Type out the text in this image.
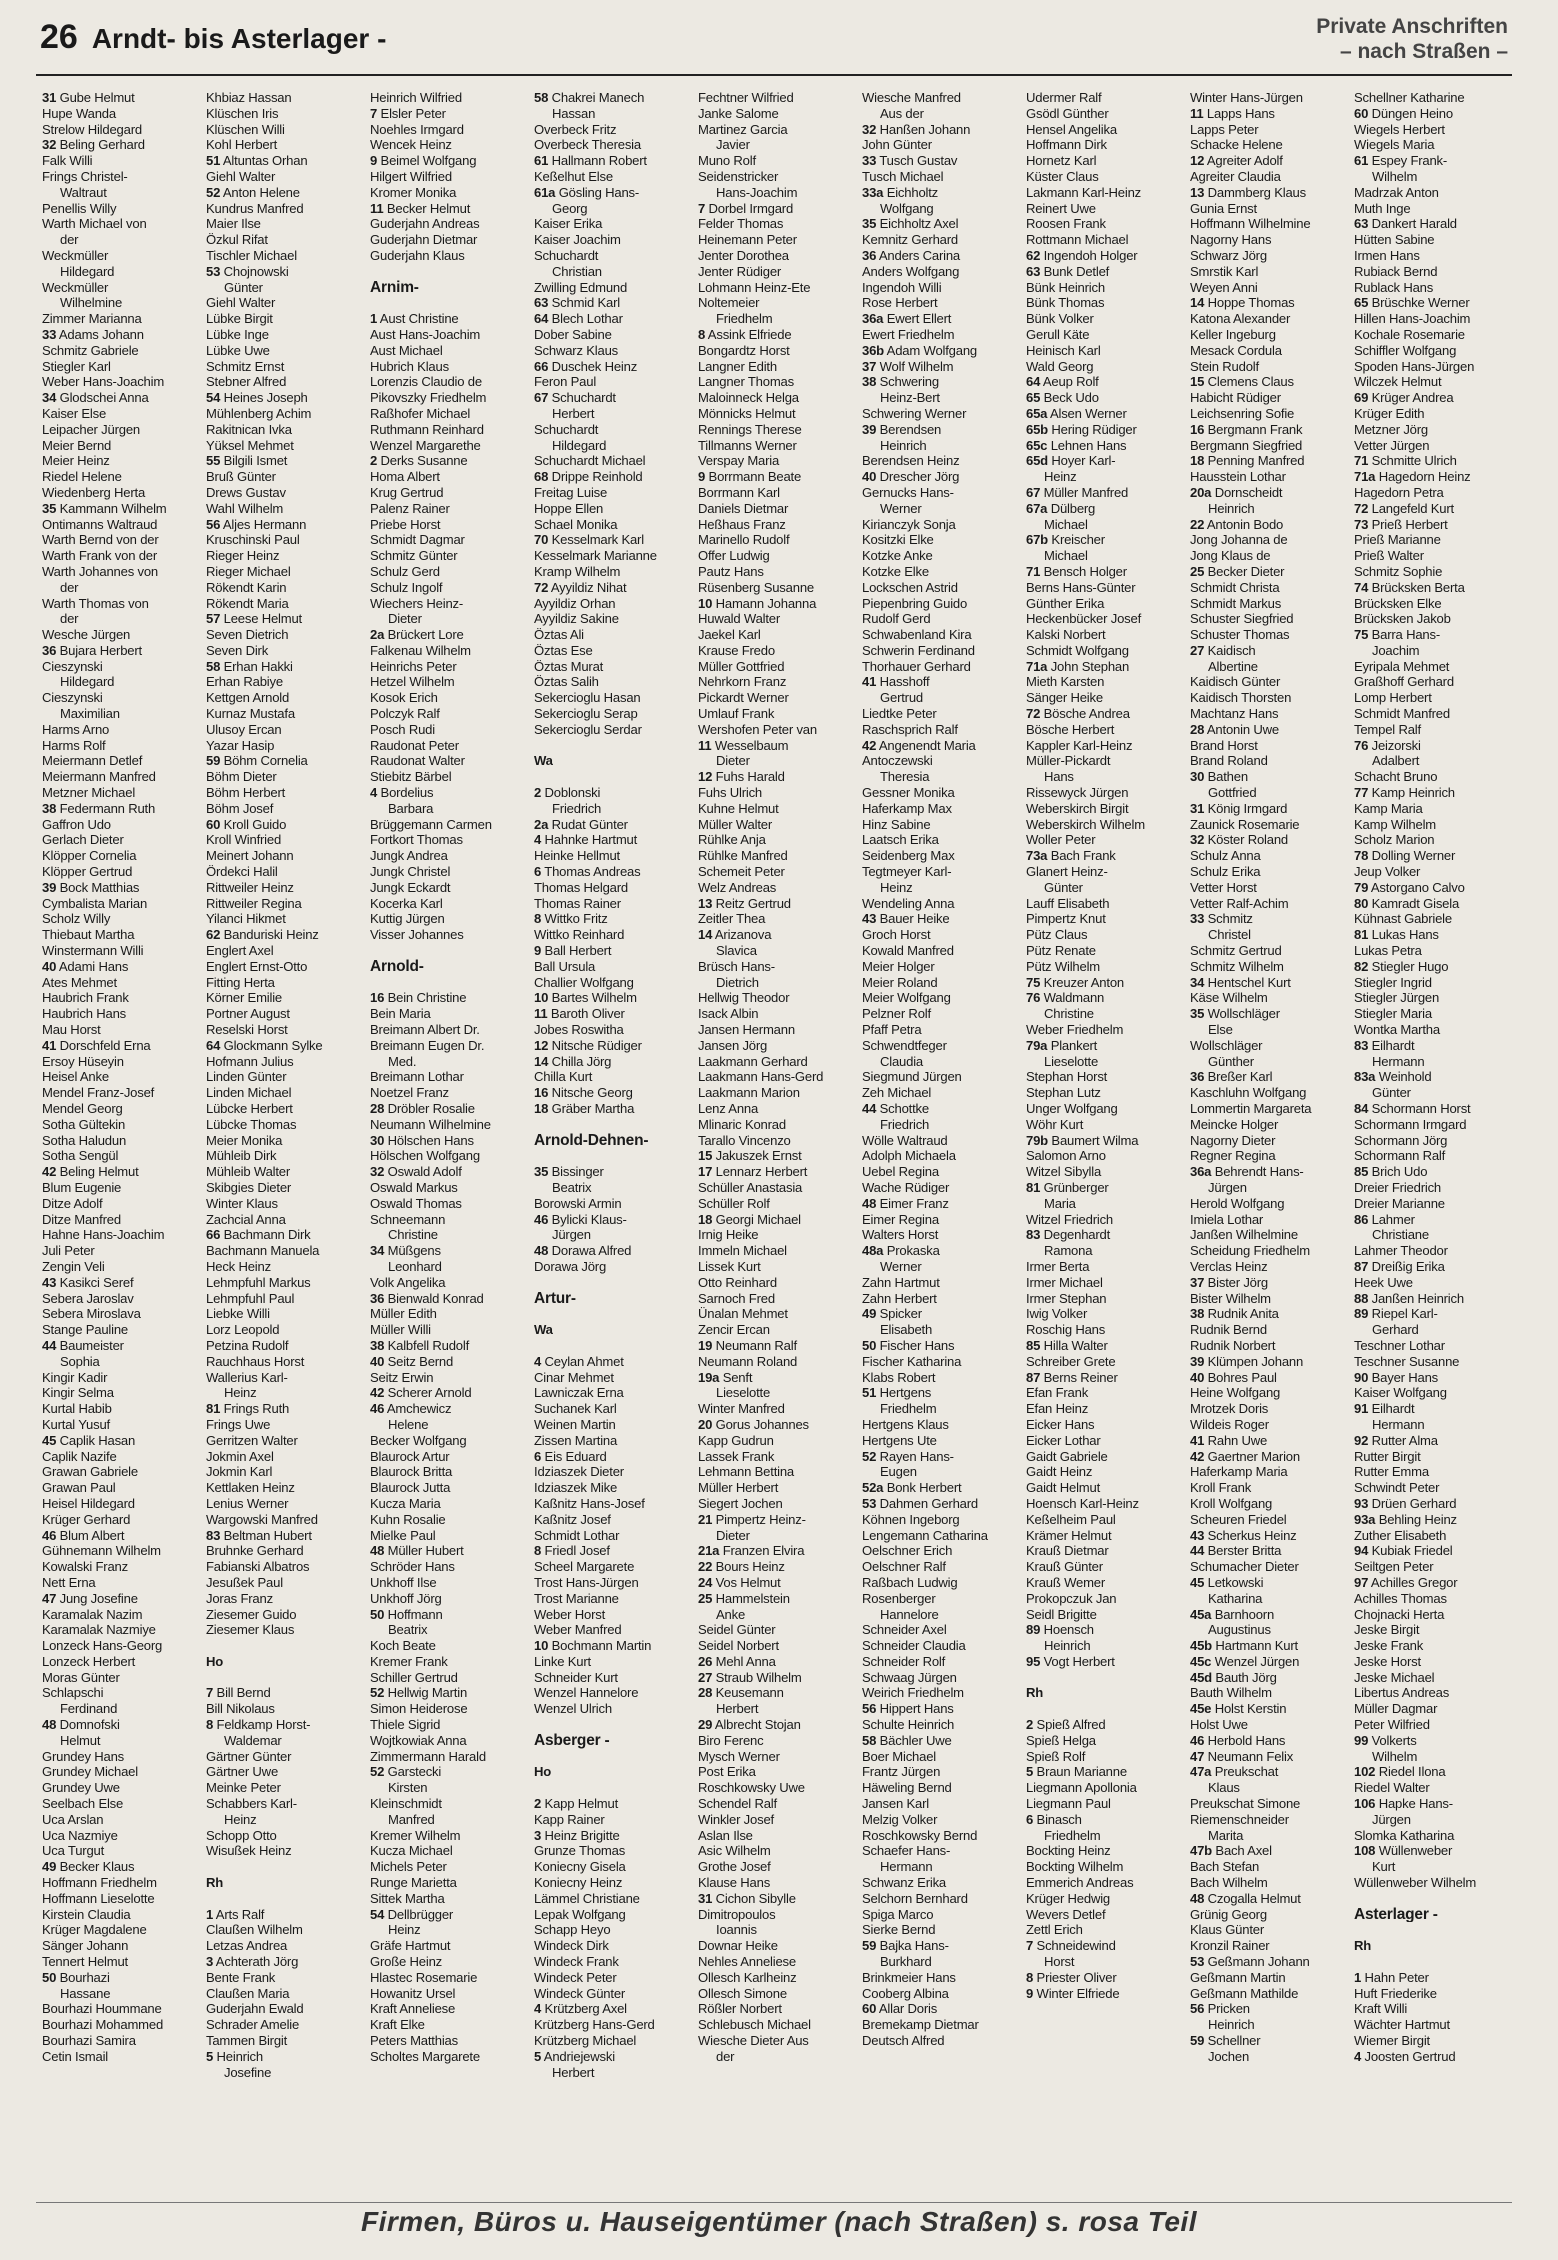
26 Arndt- bis Asterlager -	Private Anschriften
– nach Straßen –
31 Gube Helmut
Hupe Wanda
Strelow Hildegard
32 Beling Gerhard
Falk Willi
Frings Christel-
Waltraut
Penellis Willy
Warth Michael von
der
Weckmüller
Hildegard
Weckmüller
Wilhelmine
Zimmer Marianna
33 Adams Johann
Schmitz Gabriele
Stiegler Karl
Weber Hans-Joachim
34 Glodschei Anna
Kaiser Else
Leipacher Jürgen
Meier Bernd
Meier Heinz
Riedel Helene
Wiedenberg Herta
35 Kammann Wilhelm
Ontimanns Waltraud
Warth Bernd von der
Warth Frank von der
Warth Johannes von
der
Warth Thomas von
der
Wesche Jürgen
36 Bujara Herbert
Cieszynski
Hildegard
Cieszynski
Maximilian
Harms Arno
Harms Rolf
Meiermann Detlef
Meiermann Manfred
Metzner Michael
38 Federmann Ruth
Gaffron Udo
Gerlach Dieter
Klöpper Cornelia
Klöpper Gertrud
39 Bock Matthias
Cymbalista Marian
Scholz Willy
Thiebaut Martha
Winstermann Willi
40 Adami Hans
Ates Mehmet
Haubrich Frank
Haubrich Hans
Mau Horst
41 Dorschfeld Erna
Ersoy Hüseyin
Heisel Anke
Mendel Franz-Josef
Mendel Georg
Sotha Gültekin
Sotha Haludun
Sotha Sengül
42 Beling Helmut
Blum Eugenie
Ditze Adolf
Ditze Manfred
Hahne Hans-Joachim
Juli Peter
Zengin Veli
43 Kasikci Seref
Sebera Jaroslav
Sebera Miroslava
Stange Pauline
44 Baumeister
Sophia
Kingir Kadir
Kingir Selma
Kurtal Habib
Kurtal Yusuf
45 Caplik Hasan
Caplik Nazife
Grawan Gabriele
Grawan Paul
Heisel Hildegard
Krüger Gerhard
46 Blum Albert
Gühnemann Wilhelm
Kowalski Franz
Nett Erna
47 Jung Josefine
Karamalak Nazim
Karamalak Nazmiye
Lonzeck Hans-Georg
Lonzeck Herbert
Moras Günter
Schlapschi
Ferdinand
48 Domnofski
Helmut
Grundey Hans
Grundey Michael
Grundey Uwe
Seelbach Else
Uca Arslan
Uca Nazmiye
Uca Turgut
49 Becker Klaus
Hoffmann Friedhelm
Hoffmann Lieselotte
Kirstein Claudia
Krüger Magdalene
Sänger Johann
Tennert Helmut
50 Bourhazi
Hassane
Bourhazi Hoummane
Bourhazi Mohammed
Bourhazi Samira
Cetin Ismail
Khbiaz Hassan
Klüschen Iris
Klüschen Willi
Kohl Herbert
51 Altuntas Orhan
Giehl Walter
52 Anton Helene
Kundrus Manfred
Maier Ilse
Özkul Rifat
Tischler Michael
53 Chojnowski
Günter
Giehl Walter
Lübke Birgit
Lübke Inge
Lübke Uwe
Schmitz Ernst
Stebner Alfred
54 Heines Joseph
Mühlenberg Achim
Rakitnican Ivka
Yüksel Mehmet
55 Bilgili Ismet
Bruß Günter
Drews Gustav
Wahl Wilhelm
56 Aljes Hermann
Kruschinski Paul
Rieger Heinz
Rieger Michael
Rökendt Karin
Rökendt Maria
57 Leese Helmut
Seven Dietrich
Seven Dirk
58 Erhan Hakki
Erhan Rabiye
Kettgen Arnold
Kurnaz Mustafa
Ulusoy Ercan
Yazar Hasip
59 Böhm Cornelia
Böhm Dieter
Böhm Herbert
Böhm Josef
60 Kroll Guido
Kroll Winfried
Meinert Johann
Ördekci Halil
Rittweiler Heinz
Rittweiler Regina
Yilanci Hikmet
62 Banduriski Heinz
Englert Axel
Englert Ernst-Otto
Fitting Herta
Körner Emilie
Portner August
Reselski Horst
64 Glockmann Sylke
Hofmann Julius
Linden Günter
Linden Michael
Lübcke Herbert
Lübcke Thomas
Meier Monika
Mühleib Dirk
Mühleib Walter
Skibgies Dieter
Winter Klaus
Zachcial Anna
66 Bachmann Dirk
Bachmann Manuela
Heck Heinz
Lehmpfuhl Markus
Lehmpfuhl Paul
Liebke Willi
Lorz Leopold
Petzina Rudolf
Rauchhaus Horst
Wallerius Karl-
Heinz
81 Frings Ruth
Frings Uwe
Gerritzen Walter
Jokmin Axel
Jokmin Karl
Kettlaken Heinz
Lenius Werner
Wargowski Manfred
83 Beltman Hubert
Bruhnke Gerhard
Fabianski Albatros
Jesußek Paul
Joras Franz
Ziesemer Guido
Ziesemer Klaus
Ho
7 Bill Bernd
Bill Nikolaus
8 Feldkamp Horst-
Waldemar
Gärtner Günter
Gärtner Uwe
Meinke Peter
Schabbers Karl-
Heinz
Schopp Otto
Wisußek Heinz
Rh
1 Arts Ralf
Claußen Wilhelm
Letzas Andrea
3 Achterath Jörg
Bente Frank
Claußen Maria
Guderjahn Ewald
Schrader Amelie
Tammen Birgit
5 Heinrich
Josefine
Heinrich Wilfried
7 Elsler Peter
Noehles Irmgard
Wencek Heinz
9 Beimel Wolfgang
Hilgert Wilfried
Kromer Monika
11 Becker Helmut
Guderjahn Andreas
Guderjahn Dietmar
Guderjahn Klaus
Arnim-
1 Aust Christine
Aust Hans-Joachim
Aust Michael
Hubrich Klaus
Lorenzis Claudio de
Pikovszky Friedhelm
Raßhofer Michael
Ruthmann Reinhard
Wenzel Margarethe
2 Derks Susanne
Homa Albert
Krug Gertrud
Palenz Rainer
Priebe Horst
Schmidt Dagmar
Schmitz Günter
Schulz Gerd
Schulz Ingolf
Wiechers Heinz-
Dieter
2a Brückert Lore
Falkenau Wilhelm
Heinrichs Peter
Hetzel Wilhelm
Kosok Erich
Polczyk Ralf
Posch Rudi
Raudonat Peter
Raudonat Walter
Stiebitz Bärbel
4 Bordelius
Barbara
Brüggemann Carmen
Fortkort Thomas
Jungk Andrea
Jungk Christel
Jungk Eckardt
Kocerka Karl
Kuttig Jürgen
Visser Johannes
Arnold-
16 Bein Christine
Bein Maria
Breimann Albert Dr.
Breimann Eugen Dr.
Med.
Breimann Lothar
Noetzel Franz
28 Dröbler Rosalie
Neumann Wilhelmine
30 Hölschen Hans
Hölschen Wolfgang
32 Oswald Adolf
Oswald Markus
Oswald Thomas
Schneemann
Christine
34 Müßgens
Leonhard
Volk Angelika
36 Bienwald Konrad
Müller Edith
Müller Willi
38 Kalbfell Rudolf
40 Seitz Bernd
Seitz Erwin
42 Scherer Arnold
46 Amchewicz
Helene
Becker Wolfgang
Blaurock Artur
Blaurock Britta
Blaurock Jutta
Kucza Maria
Kuhn Rosalie
Mielke Paul
48 Müller Hubert
Schröder Hans
Unkhoff Ilse
Unkhoff Jörg
50 Hoffmann
Beatrix
Koch Beate
Kremer Frank
Schiller Gertrud
52 Hellwig Martin
Simon Heiderose
Thiele Sigrid
Wojtkowiak Anna
Zimmermann Harald
52 Garstecki
Kirsten
Kleinschmidt
Manfred
Kremer Wilhelm
Kucza Michael
Michels Peter
Runge Marietta
Sittek Martha
54 Dellbrügger
Heinz
Gräfe Hartmut
Große Heinz
Hlastec Rosemarie
Howanitz Ursel
Kraft Anneliese
Kraft Elke
Peters Matthias
Scholtes Margarete
58 Chakrei Manech
Hassan
Overbeck Fritz
Overbeck Theresia
61 Hallmann Robert
Keßelhut Else
61a Gösling Hans-
Georg
Kaiser Erika
Kaiser Joachim
Schuchardt
Christian
Zwilling Edmund
63 Schmid Karl
64 Blech Lothar
Dober Sabine
Schwarz Klaus
66 Duschek Heinz
Feron Paul
67 Schuchardt
Herbert
Schuchardt
Hildegard
Schuchardt Michael
68 Drippe Reinhold
Freitag Luise
Hoppe Ellen
Schael Monika
70 Kesselmark Karl
Kesselmark Marianne
Kramp Wilhelm
72 Ayyildiz Nihat
Ayyildiz Orhan
Ayyildiz Sakine
Öztas Ali
Öztas Ese
Öztas Murat
Öztas Salih
Sekercioglu Hasan
Sekercioglu Serap
Sekercioglu Serdar
Wa
2 Doblonski
Friedrich
2a Rudat Günter
4 Hahnke Hartmut
Heinke Hellmut
6 Thomas Andreas
Thomas Helgard
Thomas Rainer
8 Wittko Fritz
Wittko Reinhard
9 Ball Herbert
Ball Ursula
Challier Wolfgang
10 Bartes Wilhelm
11 Baroth Oliver
Jobes Roswitha
12 Nitsche Rüdiger
14 Chilla Jörg
Chilla Kurt
16 Nitsche Georg
18 Gräber Martha
Arnold-Dehnen-
35 Bissinger
Beatrix
Borowski Armin
46 Bylicki Klaus-
Jürgen
48 Dorawa Alfred
Dorawa Jörg
Artur-
Wa
4 Ceylan Ahmet
Cinar Mehmet
Lawniczak Erna
Suchanek Karl
Weinen Martin
Zissen Martina
6 Eis Eduard
Idziaszek Dieter
Idziaszek Mike
Kaßnitz Hans-Josef
Kaßnitz Josef
Schmidt Lothar
8 Friedl Josef
Scheel Margarete
Trost Hans-Jürgen
Trost Marianne
Weber Horst
Weber Manfred
10 Bochmann Martin
Linke Kurt
Schneider Kurt
Wenzel Hannelore
Wenzel Ulrich
Asberger -
Ho
2 Kapp Helmut
Kapp Rainer
3 Heinz Brigitte
Grunze Thomas
Koniecny Gisela
Koniecny Heinz
Lämmel Christiane
Lepak Wolfgang
Schapp Heyo
Windeck Dirk
Windeck Frank
Windeck Peter
Windeck Günter
4 Krützberg Axel
Krützberg Hans-Gerd
Krützberg Michael
5 Andriejewski
Herbert
Fechtner Wilfried
Janke Salome
Martinez Garcia
Javier
Muno Rolf
Seidenstricker
Hans-Joachim
7 Dorbel Irmgard
Felder Thomas
Heinemann Peter
Jenter Dorothea
Jenter Rüdiger
Lohmann Heinz-Ete
Noltemeier
Friedhelm
8 Assink Elfriede
Bongardtz Horst
Langner Edith
Langner Thomas
Maloinneck Helga
Mönnicks Helmut
Rennings Therese
Tillmanns Werner
Verspay Maria
9 Borrmann Beate
Borrmann Karl
Daniels Dietmar
Heßhaus Franz
Marinello Rudolf
Offer Ludwig
Pautz Hans
Rüsenberg Susanne
10 Hamann Johanna
Huwald Walter
Jaekel Karl
Krause Fredo
Müller Gottfried
Nehrkorn Franz
Pickardt Werner
Umlauf Frank
Wershofen Peter van
11 Wesselbaum
Dieter
12 Fuhs Harald
Fuhs Ulrich
Kuhne Helmut
Müller Walter
Rühlke Anja
Rühlke Manfred
Schemeit Peter
Welz Andreas
13 Reitz Gertrud
Zeitler Thea
14 Arizanova
Slavica
Brüsch Hans-
Dietrich
Hellwig Theodor
Isack Albin
Jansen Hermann
Jansen Jörg
Laakmann Gerhard
Laakmann Hans-Gerd
Laakmann Marion
Lenz Anna
Mlinaric Konrad
Tarallo Vincenzo
15 Jakuszek Ernst
17 Lennarz Herbert
Schüller Anastasia
Schüller Rolf
18 Georgi Michael
Irnig Heike
Immeln Michael
Lissek Kurt
Otto Reinhard
Sarnoch Fred
Ünalan Mehmet
Zencir Ercan
19 Neumann Ralf
Neumann Roland
19a Senft
Lieselotte
Winter Manfred
20 Gorus Johannes
Kapp Gudrun
Lassek Frank
Lehmann Bettina
Müller Herbert
Siegert Jochen
21 Pimpertz Heinz-
Dieter
21a Franzen Elvira
22 Bours Heinz
24 Vos Helmut
25 Hammelstein
Anke
Seidel Günter
Seidel Norbert
26 Mehl Anna
27 Straub Wilhelm
28 Keusemann
Herbert
29 Albrecht Stojan
Biro Ferenc
Mysch Werner
Post Erika
Roschkowsky Uwe
Schendel Ralf
Winkler Josef
Aslan Ilse
Asic Wilhelm
Grothe Josef
Klause Hans
31 Cichon Sibylle
Dimitropoulos
Ioannis
Downar Heike
Nehles Anneliese
Ollesch Karlheinz
Ollesch Simone
Rößler Norbert
Schlebusch Michael
Wiesche Dieter Aus
der
Wiesche Manfred
Aus der
32 Hanßen Johann
John Günter
33 Tusch Gustav
Tusch Michael
33a Eichholtz
Wolfgang
35 Eichholtz Axel
Kemnitz Gerhard
36 Anders Carina
Anders Wolfgang
Ingendoh Willi
Rose Herbert
36a Ewert Ellert
Ewert Friedhelm
36b Adam Wolfgang
37 Wolf Wilhelm
38 Schwering
Heinz-Bert
Schwering Werner
39 Berendsen
Heinrich
Berendsen Heinz
40 Drescher Jörg
Gernucks Hans-
Werner
Kirianczyk Sonja
Kositzki Elke
Kotzke Anke
Kotzke Elke
Lockschen Astrid
Piepenbring Guido
Rudolf Gerd
Schwabenland Kira
Schwerin Ferdinand
Thorhauer Gerhard
41 Hasshoff
Gertrud
Liedtke Peter
Raschsprich Ralf
42 Angenendt Maria
Antoczewski
Theresia
Gessner Monika
Haferkamp Max
Hinz Sabine
Laatsch Erika
Seidenberg Max
Tegtmeyer Karl-
Heinz
Wendeling Anna
43 Bauer Heike
Groch Horst
Kowald Manfred
Meier Holger
Meier Roland
Meier Wolfgang
Pelzner Rolf
Pfaff Petra
Schwendtfeger
Claudia
Siegmund Jürgen
Zeh Michael
44 Schottke
Friedrich
Wölle Waltraud
Adolph Michaela
Uebel Regina
Wache Rüdiger
48 Eimer Franz
Eimer Regina
Walters Horst
48a Prokaska
Werner
Zahn Hartmut
Zahn Herbert
49 Spicker
Elisabeth
50 Fischer Hans
Fischer Katharina
Klabs Robert
51 Hertgens
Friedhelm
Hertgens Klaus
Hertgens Ute
52 Rayen Hans-
Eugen
52a Bonk Herbert
53 Dahmen Gerhard
Köhnen Ingeborg
Lengemann Catharina
Oelschner Erich
Oelschner Ralf
Raßbach Ludwig
Rosenberger
Hannelore
Schneider Axel
Schneider Claudia
Schneider Rolf
Schwaag Jürgen
Weirich Friedhelm
56 Hippert Hans
Schulte Heinrich
58 Bächler Uwe
Boer Michael
Frantz Jürgen
Häweling Bernd
Jansen Karl
Melzig Volker
Roschkowsky Bernd
Schaefer Hans-
Hermann
Schwanz Erika
Selchorn Bernhard
Spiga Marco
Sierke Bernd
59 Bajka Hans-
Burkhard
Brinkmeier Hans
Cooberg Albina
60 Allar Doris
Bremekamp Dietmar
Deutsch Alfred
Udermer Ralf
Gsödl Günther
Hensel Angelika
Hoffmann Dirk
Hornetz Karl
Küster Claus
Lakmann Karl-Heinz
Reinert Uwe
Roosen Frank
Rottmann Michael
62 Ingendoh Holger
63 Bunk Detlef
Bünk Heinrich
Bünk Thomas
Bünk Volker
Gerull Käte
Heinisch Karl
Wald Georg
64 Aeup Rolf
65 Beck Udo
65a Alsen Werner
65b Hering Rüdiger
65c Lehnen Hans
65d Hoyer Karl-
Heinz
67 Müller Manfred
67a Dülberg
Michael
67b Kreischer
Michael
71 Bensch Holger
Berns Hans-Günter
Günther Erika
Heckenbücker Josef
Kalski Norbert
Schmidt Wolfgang
71a John Stephan
Mieth Karsten
Sänger Heike
72 Bösche Andrea
Bösche Herbert
Kappler Karl-Heinz
Müller-Pickardt
Hans
Rissewyck Jürgen
Weberskirch Birgit
Weberskirch Wilhelm
Woller Peter
73a Bach Frank
Glanert Heinz-
Günter
Lauff Elisabeth
Pimpertz Knut
Pütz Claus
Pütz Renate
Pütz Wilhelm
75 Kreuzer Anton
76 Waldmann
Christine
Weber Friedhelm
79a Plankert
Lieselotte
Stephan Horst
Stephan Lutz
Unger Wolfgang
Wöhr Kurt
79b Baumert Wilma
Salomon Arno
Witzel Sibylla
81 Grünberger
Maria
Witzel Friedrich
83 Degenhardt
Ramona
Irmer Berta
Irmer Michael
Irmer Stephan
Iwig Volker
Roschig Hans
85 Hilla Walter
Schreiber Grete
87 Berns Reiner
Efan Frank
Efan Heinz
Eicker Hans
Eicker Lothar
Gaidt Gabriele
Gaidt Heinz
Gaidt Helmut
Hoensch Karl-Heinz
Keßelheim Paul
Krämer Helmut
Krauß Dietmar
Krauß Günter
Krauß Wemer
Prokopczuk Jan
Seidl Brigitte
89 Hoensch
Heinrich
95 Vogt Herbert
Rh
2 Spieß Alfred
Spieß Helga
Spieß Rolf
5 Braun Marianne
Liegmann Apollonia
Liegmann Paul
6 Binasch
Friedhelm
Bockting Heinz
Bockting Wilhelm
Emmerich Andreas
Krüger Hedwig
Wevers Detlef
Zettl Erich
7 Schneidewind
Horst
8 Priester Oliver
9 Winter Elfriede
Winter Hans-Jürgen
11 Lapps Hans
Lapps Peter
Schacke Helene
12 Agreiter Adolf
Agreiter Claudia
13 Dammberg Klaus
Gunia Ernst
Hoffmann Wilhelmine
Nagorny Hans
Schwarz Jörg
Smrstik Karl
Weyen Anni
14 Hoppe Thomas
Katona Alexander
Keller Ingeburg
Mesack Cordula
Stein Rudolf
15 Clemens Claus
Habicht Rüdiger
Leichsenring Sofie
16 Bergmann Frank
Bergmann Siegfried
18 Penning Manfred
Hausstein Lothar
20a Dornscheidt
Heinrich
22 Antonin Bodo
Jong Johanna de
Jong Klaus de
25 Becker Dieter
Schmidt Christa
Schmidt Markus
Schuster Siegfried
Schuster Thomas
27 Kaidisch
Albertine
Kaidisch Günter
Kaidisch Thorsten
Machtanz Hans
28 Antonin Uwe
Brand Horst
Brand Roland
30 Bathen
Gottfried
31 König Irmgard
Zaunick Rosemarie
32 Köster Roland
Schulz Anna
Schulz Erika
Vetter Horst
Vetter Ralf-Achim
33 Schmitz
Christel
Schmitz Gertrud
Schmitz Wilhelm
34 Hentschel Kurt
Käse Wilhelm
35 Wollschläger
Else
Wollschläger
Günther
36 Breßer Karl
Kaschluhn Wolfgang
Lommertin Margareta
Meincke Holger
Nagorny Dieter
Regner Regina
36a Behrendt Hans-
Jürgen
Herold Wolfgang
Imiela Lothar
Janßen Wilhelmine
Scheidung Friedhelm
Verclas Heinz
37 Bister Jörg
Bister Wilhelm
38 Rudnik Anita
Rudnik Bernd
Rudnik Norbert
39 Klümpen Johann
40 Bohres Paul
Heine Wolfgang
Mrotzek Doris
Wildeis Roger
41 Rahn Uwe
42 Gaertner Marion
Haferkamp Maria
Kroll Frank
Kroll Wolfgang
Scheuren Friedel
43 Scherkus Heinz
44 Berster Britta
Schumacher Dieter
45 Letkowski
Katharina
45a Barnhoorn
Augustinus
45b Hartmann Kurt
45c Wenzel Jürgen
45d Bauth Jörg
Bauth Wilhelm
45e Holst Kerstin
Holst Uwe
46 Herbold Hans
47 Neumann Felix
47a Preukschat
Klaus
Preukschat Simone
Riemenschneider
Marita
47b Bach Axel
Bach Stefan
Bach Wilhelm
48 Czogalla Helmut
Grünig Georg
Klaus Günter
Kronzil Rainer
53 Geßmann Johann
Geßmann Martin
Geßmann Mathilde
56 Pricken
Heinrich
59 Schellner
Jochen
Schellner Katharine
60 Düngen Heino
Wiegels Herbert
Wiegels Maria
61 Espey Frank-
Wilhelm
Madrzak Anton
Muth Inge
63 Dankert Harald
Hütten Sabine
Irmen Hans
Rubiack Bernd
Rublack Hans
65 Brüschke Werner
Hillen Hans-Joachim
Kochale Rosemarie
Schiffler Wolfgang
Spoden Hans-Jürgen
Wilczek Helmut
69 Krüger Andrea
Krüger Edith
Metzner Jörg
Vetter Jürgen
71 Schmitte Ulrich
71a Hagedorn Heinz
Hagedorn Petra
72 Langefeld Kurt
73 Prieß Herbert
Prieß Marianne
Prieß Walter
Schmitz Sophie
74 Brücksken Berta
Brücksken Elke
Brücksken Jakob
75 Barra Hans-
Joachim
Eyripala Mehmet
Graßhoff Gerhard
Lomp Herbert
Schmidt Manfred
Tempel Ralf
76 Jeizorski
Adalbert
Schacht Bruno
77 Kamp Heinrich
Kamp Maria
Kamp Wilhelm
Scholz Marion
78 Dolling Werner
Jeup Volker
79 Astorgano Calvo
80 Kamradt Gisela
Kühnast Gabriele
81 Lukas Hans
Lukas Petra
82 Stiegler Hugo
Stiegler Ingrid
Stiegler Jürgen
Stiegler Maria
Wontka Martha
83 Eilhardt
Hermann
83a Weinhold
Günter
84 Schormann Horst
Schormann Irmgard
Schormann Jörg
Schormann Ralf
85 Brich Udo
Dreier Friedrich
Dreier Marianne
86 Lahmer
Christiane
Lahmer Theodor
87 Dreißig Erika
Heek Uwe
88 Janßen Heinrich
89 Riepel Karl-
Gerhard
Teschner Lothar
Teschner Susanne
90 Bayer Hans
Kaiser Wolfgang
91 Eilhardt
Hermann
92 Rutter Alma
Rutter Birgit
Rutter Emma
Schwindt Peter
93 Drüen Gerhard
93a Behling Heinz
Zuther Elisabeth
94 Kubiak Friedel
Seiltgen Peter
97 Achilles Gregor
Achilles Thomas
Chojnacki Herta
Jeske Birgit
Jeske Frank
Jeske Horst
Jeske Michael
Libertus Andreas
Müller Dagmar
Peter Wilfried
99 Volkerts
Wilhelm
102 Riedel Ilona
Riedel Walter
106 Hapke Hans-
Jürgen
Slomka Katharina
108 Wüllenweber
Kurt
Wüllenweber Wilhelm
Asterlager -
Rh
1 Hahn Peter
Huft Friederike
Kraft Willi
Wächter Hartmut
Wiemer Birgit
4 Joosten Gertrud
Firmen, Büros u. Hauseigentümer (nach Straßen) s. rosa Teil
